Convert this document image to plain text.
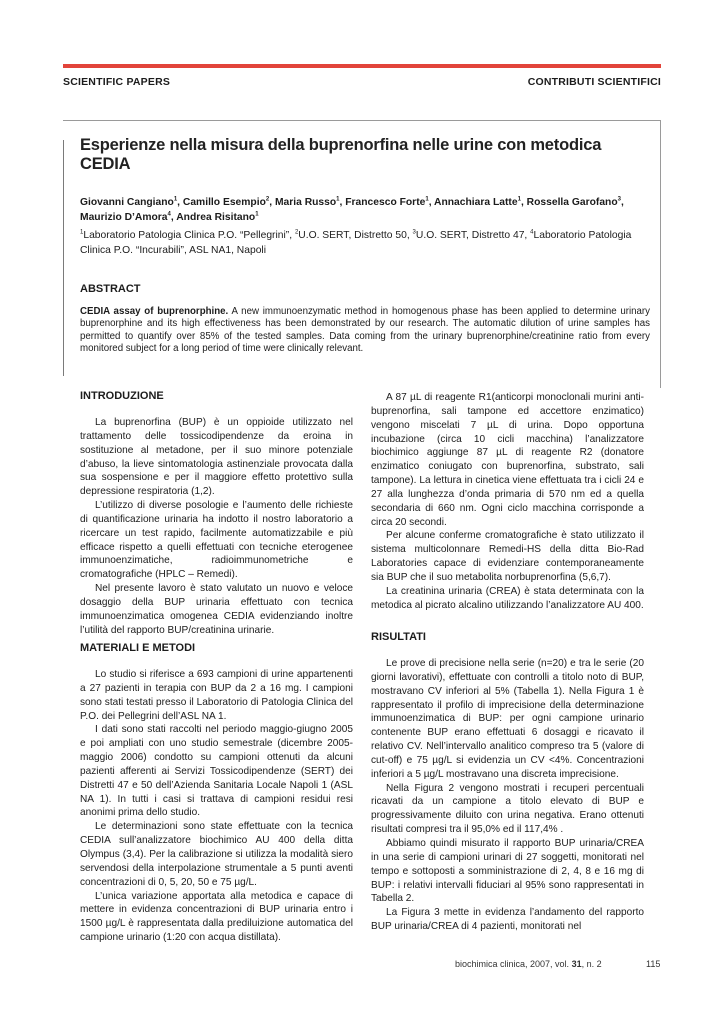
SCIENTIFIC PAPERS	CONTRIBUTI SCIENTIFICI
Esperienze nella misura della buprenorfina nelle urine con metodica CEDIA
Giovanni Cangiano$^1$, Camillo Esempio$^2$, Maria Russo$^1$, Francesco Forte$^1$, Annachiara Latte$^1$, Rossella Garofano$^3$, Maurizio D’Amora$^4$, Andrea Risitano$^1$
$^1$Laboratorio Patologia Clinica P.O. “Pellegrini”, $^2$U.O. SERT, Distretto 50, $^3$U.O. SERT, Distretto 47, $^4$Laboratorio Patologia Clinica P.O. “Incurabili”, ASL NA1, Napoli
ABSTRACT
CEDIA assay of buprenorphine. A new immunoenzymatic method in homogenous phase has been applied to determine urinary buprenorphine and its high effectiveness has been demonstrated by our research. The automatic dilution of urine samples has permitted to quantify over 85% of the tested samples. Data coming from the urinary buprenorphine/creatinine ratio from every monitored subject for a long period of time were clinically relevant.
INTRODUZIONE

La buprenorfina (BUP) è un oppioide utilizzato nel trattamento delle tossicodipendenze da eroina in sostituzione al metadone, per il suo minore potenziale d’abuso, la lieve sintomatologia astinenziale provocata dalla sua sospensione e per il maggiore effetto protettivo sulla depressione respiratoria (1,2).

L’utilizzo di diverse posologie e l’aumento delle richieste di quantificazione urinaria ha indotto il nostro laboratorio a ricercare un test rapido, facilmente automatizzabile e più efficace rispetto a quelli effettuati con tecniche eterogenee immunoenzimatiche, radioimmunometriche e cromatografiche (HPLC – Remedi).

Nel presente lavoro è stato valutato un nuovo e veloce dosaggio della BUP urinaria effettuato con tecnica immunoenzimatica omogenea CEDIA evidenziando inoltre l’utilità del rapporto BUP/creatinina urinarie.

MATERIALI E METODI

Lo studio si riferisce a 693 campioni di urine appartenenti a 27 pazienti in terapia con BUP da 2 a 16 mg. I campioni sono stati testati presso il Laboratorio di Patologia Clinica del P.O. dei Pellegrini dell’ASL NA 1.

I dati sono stati raccolti nel periodo maggio-giugno 2005 e poi ampliati con uno studio semestrale (dicembre 2005-maggio 2006) condotto su campioni ottenuti da alcuni pazienti afferenti ai Servizi Tossicodipendenze (SERT) dei Distretti 47 e 50 dell’Azienda Sanitaria Locale Napoli 1 (ASL NA 1). In tutti i casi si trattava di campioni residui resi anonimi prima dello studio.

Le determinazioni sono state effettuate con la tecnica CEDIA sull’analizzatore biochimico AU 400 della ditta Olympus (3,4). Per la calibrazione si utilizza la modalità siero servendosi della interpolazione strumentale a 5 punti aventi concentrazioni di 0, 5, 20, 50 e 75 µg/L.

L’unica variazione apportata alla metodica e capace di mettere in evidenza concentrazioni di BUP urinaria entro i 1500 µg/L è rappresentata dalla prediluizione automatica del campione urinario (1:20 con acqua distillata).

A 87 µL di reagente R1(anticorpi monoclonali murini anti-buprenorfina, sali tampone ed accettore enzimatico) vengono miscelati 7 µL di urina. Dopo opportuna incubazione (circa 10 cicli macchina) l’analizzatore biochimico aggiunge 87 µL di reagente R2 (donatore enzimatico coniugato con buprenorfina, substrato, sali tampone). La lettura in cinetica viene effettuata tra i cicli 24 e 27 alla lunghezza d’onda primaria di 570 nm ed a quella secondaria di 660 nm. Ogni ciclo macchina corrisponde a circa 20 secondi.

Per alcune conferme cromatografiche è stato utilizzato il sistema multicolonnare Remedi-HS della ditta Bio-Rad Laboratories capace di evidenziare contemporaneamente sia BUP che il suo metabolita norbuprenorfina (5,6,7).

La creatinina urinaria (CREA) è stata determinata con la metodica al picrato alcalino utilizzando l’analizzatore AU 400.

RISULTATI

Le prove di precisione nella serie (n=20) e tra le serie (20 giorni lavorativi), effettuate con controlli a titolo noto di BUP, mostravano CV inferiori al 5% (Tabella 1). Nella Figura 1 è rappresentato il profilo di imprecisione della determinazione immunoenzimatica di BUP: per ogni campione urinario contenente BUP erano effettuati 6 dosaggi e ricavato il relativo CV. Nell’intervallo analitico compreso tra 5 (valore di cut-off) e 75 µg/L si evidenzia un CV <4%. Concentrazioni inferiori a 5 µg/L mostravano una discreta imprecisione.

Nella Figura 2 vengono mostrati i recuperi percentuali ricavati da un campione a titolo elevato di BUP e progressivamente diluito con urina negativa. Erano ottenuti risultati compresi tra il 95,0% ed il 117,4% .

Abbiamo quindi misurato il rapporto BUP urinaria/CREA in una serie di campioni urinari di 27 soggetti, monitorati nel tempo e sottoposti a somministrazione di 2, 4, 8 e 16 mg di BUP: i relativi intervalli fiduciari al 95% sono rappresentati in Tabella 2.

La Figura 3 mette in evidenza l’andamento del rapporto BUP urinaria/CREA di 4 pazienti, monitorati nel

biochimica clinica, 2007, vol. 31, n. 2	115
